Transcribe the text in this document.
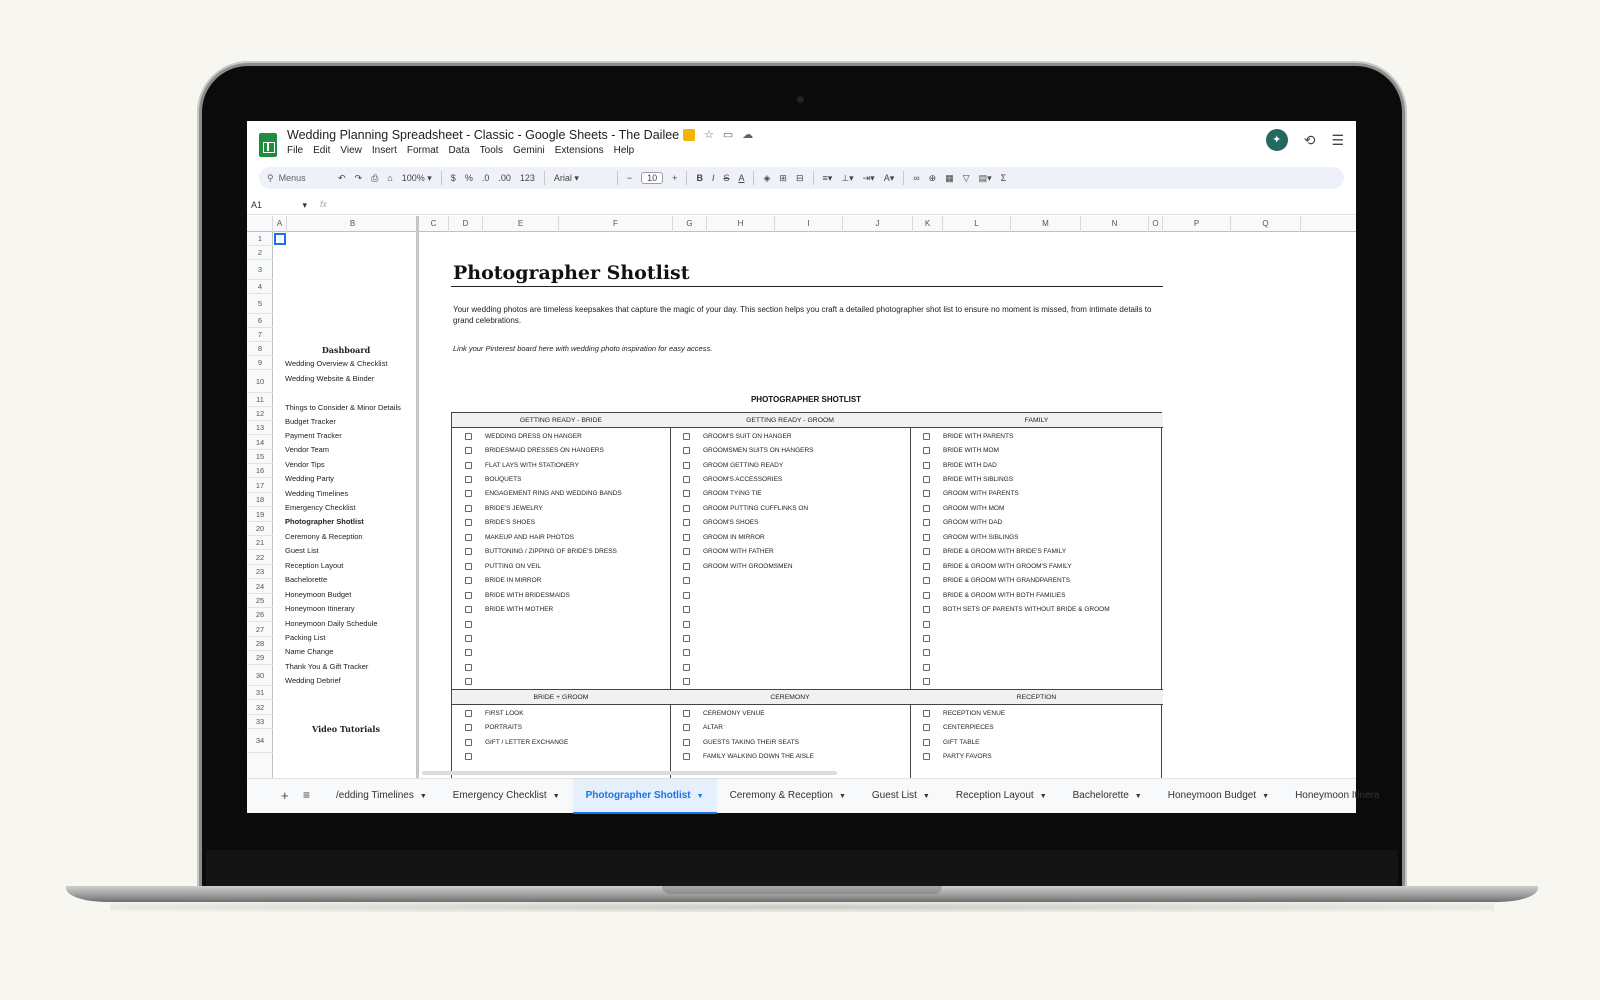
Wedding Planning Spreadsheet - Classic - Google Sheets - The Dailee ☆ ▭ ☁
File Edit View Insert Format Data Tools Gemini Extensions Help
✦	⟲ ☰
⚲ Menus	↶ ↷ ⎙ ⌂ 100% ▾ $ % .0 .00 123 Arial ▾	−	10	+ B I S A ◈ ⊞ ⊟ ≡▾ ⊥▾ ⇥▾ A▾ ∞ ⊕ ▦ ▽ ▤▾ Σ
A1	▾ fx
A	B	C	D	E	F	G	H	I	J	K	L	M	N	O	P	Q
1
2
3
4
5
6
7
8
9
10
11
12
13
14
15
16
17
18
19
20
21
22
23
24
25
26
27
28
29
30
31
32
33
34
Dashboard
Video Tutorials
Wedding Overview & Checklist
Wedding Website & Binder
Things to Consider & Minor Details
Budget Tracker
Payment Tracker
Vendor Team
Vendor Tips
Wedding Party
Wedding Timelines
Emergency Checklist
Photographer Shotlist
Ceremony & Reception
Guest List
Reception Layout
Bachelorette
Honeymoon Budget
Honeymoon Itinerary
Honeymoon Daily Schedule
Packing List
Name Change
Thank You & Gift Tracker
Wedding Debrief
Photographer Shotlist
Your wedding photos are timeless keepsakes that capture the magic of your day. This section helps you craft a detailed photographer shot list to ensure no moment is missed, from intimate details to grand celebrations.
Link your Pinterest board here with wedding photo inspiration for easy access.
PHOTOGRAPHER SHOTLIST
GETTING READY - BRIDE
WEDDING DRESS ON HANGER
BRIDESMAID DRESSES ON HANGERS
FLAT LAYS WITH STATIONERY
BOUQUETS
ENGAGEMENT RING AND WEDDING BANDS
BRIDE'S JEWELRY
BRIDE'S SHOES
MAKEUP AND HAIR PHOTOS
BUTTONING / ZIPPING OF BRIDE'S DRESS
PUTTING ON VEIL
BRIDE IN MIRROR
BRIDE WITH BRIDESMAIDS
BRIDE WITH MOTHER
GETTING READY - GROOM
GROOM'S SUIT ON HANGER
GROOMSMEN SUITS ON HANGERS
GROOM GETTING READY
GROOM'S ACCESSORIES
GROOM TYING TIE
GROOM PUTTING CUFFLINKS ON
GROOM'S SHOES
GROOM IN MIRROR
GROOM WITH FATHER
GROOM WITH GROOMSMEN
FAMILY
BRIDE WITH PARENTS
BRIDE WITH MOM
BRIDE WITH DAD
BRIDE WITH SIBLINGS
GROOM WITH PARENTS
GROOM WITH MOM
GROOM WITH DAD
GROOM WITH SIBLINGS
BRIDE & GROOM WITH BRIDE'S FAMILY
BRIDE & GROOM WITH GROOM'S FAMILY
BRIDE & GROOM WITH GRANDPARENTS
BRIDE & GROOM WITH BOTH FAMILIES
BOTH SETS OF PARENTS WITHOUT BRIDE & GROOM
BRIDE + GROOM
FIRST LOOK
PORTRAITS
GIFT / LETTER EXCHANGE
CEREMONY
CEREMONY VENUE
ALTAR
GUESTS TAKING THEIR SEATS
FAMILY WALKING DOWN THE AISLE
RECEPTION
RECEPTION VENUE
CENTERPIECES
GIFT TABLE
PARTY FAVORS
+ ≡	/edding Timelines ▼	Emergency Checklist ▼	Photographer Shotlist ▼	Ceremony & Reception ▼	Guest List ▼	Reception Layout ▼	Bachelorette ▼	Honeymoon Budget ▼	Honeymoon Itinera
